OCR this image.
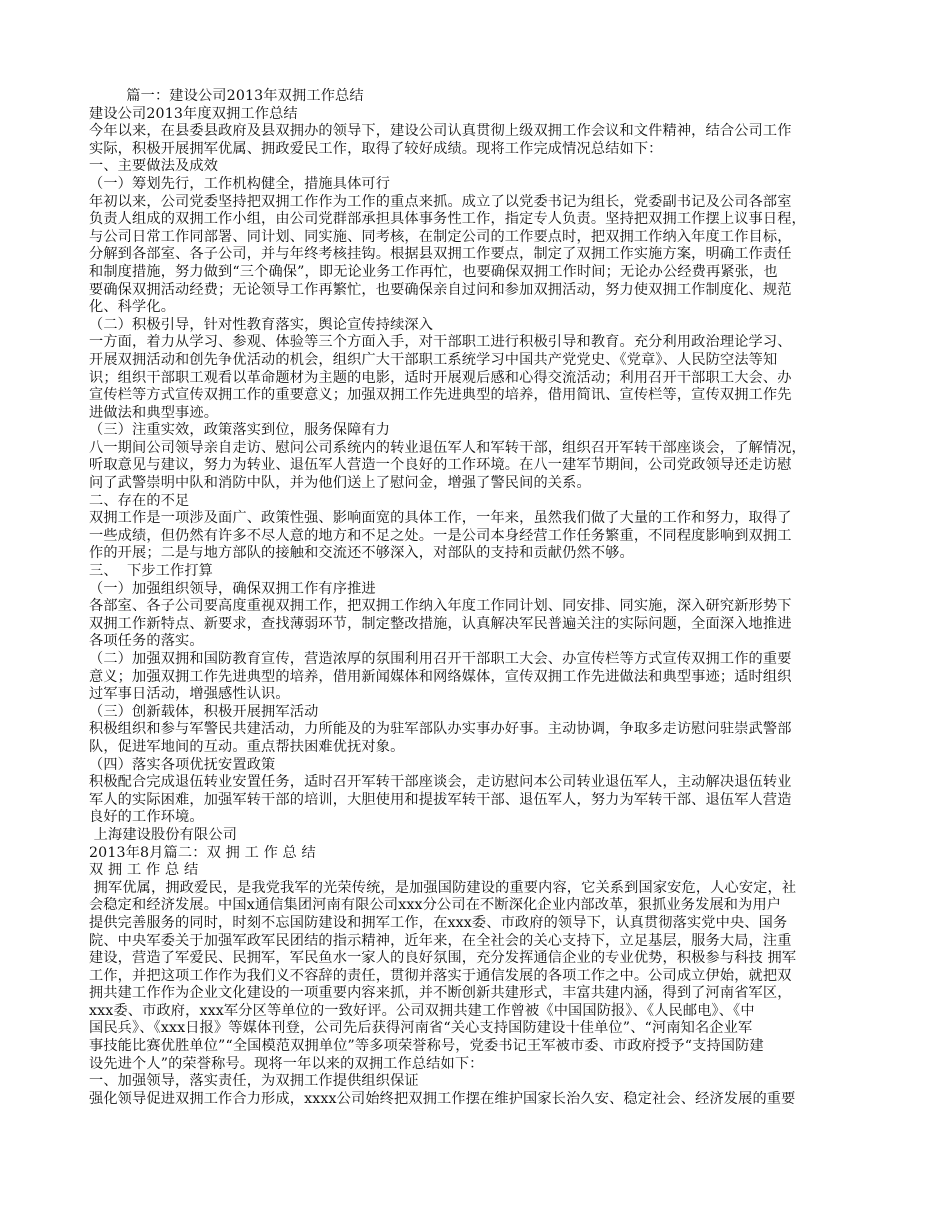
篇一：建设公司2013年双拥工作总结

建设公司2013年度双拥工作总结

今年以来，在县委县政府及县双拥办的领导下，建设公司认真贯彻上级双拥工作会议和文件精神，结合公司工作

实际，积极开展拥军优属、拥政爱民工作，取得了较好成绩。现将工作完成情况总结如下：

一、主要做法及成效

（一）筹划先行，工作机构健全，措施具体可行

年初以来，公司党委坚持把双拥工作作为工作的重点来抓。成立了以党委书记为组长，党委副书记及公司各部室

负责人组成的双拥工作小组，由公司党群部承担具体事务性工作，指定专人负责。坚持把双拥工作摆上议事日程，

与公司日常工作同部署、同计划、同实施、同考核，在制定公司的工作要点时，把双拥工作纳入年度工作目标，

分解到各部室、各子公司，并与年终考核挂钩。根据县双拥工作要点，制定了双拥工作实施方案，明确工作责任

和制度措施，努力做到“三个确保”，即无论业务工作再忙，也要确保双拥工作时间；无论办公经费再紧张，也

要确保双拥活动经费；无论领导工作再繁忙，也要确保亲自过问和参加双拥活动，努力使双拥工作制度化、规范

化、科学化。

（二）积极引导，针对性教育落实，舆论宣传持续深入

一方面，着力从学习、参观、体验等三个方面入手，对干部职工进行积极引导和教育。充分利用政治理论学习、

开展双拥活动和创先争优活动的机会，组织广大干部职工系统学习中国共产党党史、《党章》、人民防空法等知

识；组织干部职工观看以革命题材为主题的电影，适时开展观后感和心得交流活动；利用召开干部职工大会、办

宣传栏等方式宣传双拥工作的重要意义；加强双拥工作先进典型的培养，借用简讯、宣传栏等，宣传双拥工作先

进做法和典型事迹。

（三）注重实效，政策落实到位，服务保障有力

八一期间公司领导亲自走访、慰问公司系统内的转业退伍军人和军转干部，组织召开军转干部座谈会，了解情况，

听取意见与建议，努力为转业、退伍军人营造一个良好的工作环境。在八一建军节期间，公司党政领导还走访慰

问了武警崇明中队和消防中队，并为他们送上了慰问金，增强了警民间的关系。

二、存在的不足

双拥工作是一项涉及面广、政策性强、影响面宽的具体工作，一年来，虽然我们做了大量的工作和努力，取得了

一些成绩，但仍然有许多不尽人意的地方和不足之处。一是公司本身经营工作任务繁重，不同程度影响到双拥工

作的开展；二是与地方部队的接触和交流还不够深入，对部队的支持和贡献仍然不够。

三、  下步工作打算

（一）加强组织领导，确保双拥工作有序推进

各部室、各子公司要高度重视双拥工作，把双拥工作纳入年度工作同计划、同安排、同实施，深入研究新形势下

双拥工作新特点、新要求，查找薄弱环节，制定整改措施，认真解决军民普遍关注的实际问题，全面深入地推进

各项任务的落实。

（二）加强双拥和国防教育宣传，营造浓厚的氛围利用召开干部职工大会、办宣传栏等方式宣传双拥工作的重要

意义；加强双拥工作先进典型的培养，借用新闻媒体和网络媒体，宣传双拥工作先进做法和典型事迹；适时组织

过军事日活动，增强感性认识。

（三）创新载体，积极开展拥军活动

积极组织和参与军警民共建活动，力所能及的为驻军部队办实事办好事。主动协调，争取多走访慰问驻崇武警部

队，促进军地间的互动。重点帮扶困难优抚对象。

（四）落实各项优抚安置政策

积极配合完成退伍转业安置任务，适时召开军转干部座谈会，走访慰问本公司转业退伍军人，主动解决退伍转业

军人的实际困难，加强军转干部的培训，大胆使用和提拔军转干部、退伍军人，努力为军转干部、退伍军人营造

良好的工作环境。

上海建设股份有限公司

2013年8月篇二：双 拥 工 作 总 结

双 拥 工 作 总 结

拥军优属，拥政爱民，是我党我军的光荣传统，是加强国防建设的重要内容，它关系到国家安危，人心安定，社

会稳定和经济发展。中国x通信集团河南有限公司xxx分公司在不断深化企业内部改革，狠抓业务发展和为用户

提供完善服务的同时，时刻不忘国防建设和拥军工作，在xxx委、市政府的领导下，认真贯彻落实党中央、国务

院、中央军委关于加强军政军民团结的指示精神，近年来，在全社会的关心支持下，立足基层，服务大局，注重

建设，营造了军爱民、民拥军，军民鱼水一家人的良好氛围，充分发挥通信企业的专业优势，积极参与科技 拥军

工作，并把这项工作作为我们义不容辞的责任，贯彻并落实于通信发展的各项工作之中。公司成立伊始，就把双

拥共建工作作为企业文化建设的一项重要内容来抓，并不断创新共建形式，丰富共建内涵，得到了河南省军区，

xxx委、市政府，xxx军分区等单位的一致好评。公司双拥共建工作曾被《中国国防报》、《人民邮电》、《中

国民兵》、《xxx日报》等媒体刊登，公司先后获得河南省“关心支持国防建设十佳单位”、“河南知名企业军

事技能比赛优胜单位”“全国模范双拥单位”等多项荣誉称号，党委书记王军被市委、市政府授予“支持国防建

设先进个人”的荣誉称号。现将一年以来的双拥工作总结如下：

一、加强领导，落实责任，为双拥工作提供组织保证

强化领导促进双拥工作合力形成，xxxx公司始终把双拥工作摆在维护国家长治久安、稳定社会、经济发展的重要
